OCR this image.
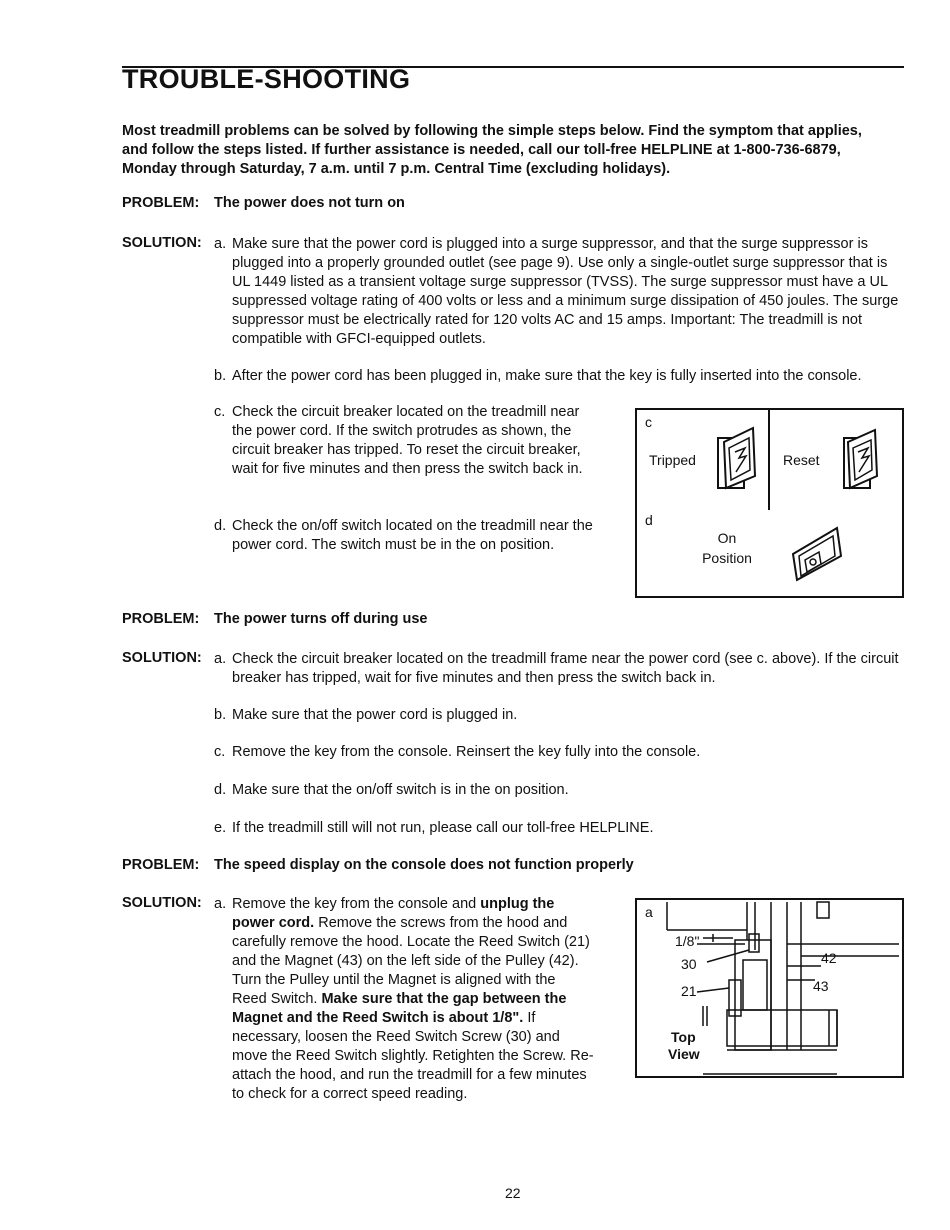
TROUBLE-SHOOTING
Most treadmill problems can be solved by following the simple steps below. Find the symptom that applies, and follow the steps listed. If further assistance is needed, call our toll-free HELPLINE at 1-800-736-6879, Monday through Saturday, 7 a.m. until 7 p.m. Central Time (excluding holidays).
PROBLEM: The power does not turn on
SOLUTION: a. Make sure that the power cord is plugged into a surge suppressor, and that the surge suppressor is plugged into a properly grounded outlet (see page 9). Use only a single-outlet surge suppressor that is UL 1449 listed as a transient voltage surge suppressor (TVSS). The surge suppressor must have a UL suppressed voltage rating of 400 volts or less and a minimum surge dissipation of 450 joules. The surge suppressor must be electrically rated for 120 volts AC and 15 amps. Important: The treadmill is not compatible with GFCI-equipped outlets.
b. After the power cord has been plugged in, make sure that the key is fully inserted into the console.
c. Check the circuit breaker located on the treadmill near the power cord. If the switch protrudes as shown, the circuit breaker has tripped. To reset the circuit breaker, wait for five minutes and then press the switch back in.
d. Check the on/off switch located on the treadmill near the power cord. The switch must be in the on position.
c
Tripped	Reset
d
On
Position
PROBLEM: The power turns off during use
SOLUTION: a. Check the circuit breaker located on the treadmill frame near the power cord (see c. above). If the circuit breaker has tripped, wait for five minutes and then press the switch back in.
b. Make sure that the power cord is plugged in.
c. Remove the key from the console. Reinsert the key fully into the console.
d. Make sure that the on/off switch is in the on position.
e. If the treadmill still will not run, please call our toll-free HELPLINE.
PROBLEM: The speed display on the console does not function properly
SOLUTION: a. Remove the key from the console and unplug the power cord. Remove the screws from the hood and carefully remove the hood. Locate the Reed Switch (21) and the Magnet (43) on the left side of the Pulley (42). Turn the Pulley until the Magnet is aligned with the Reed Switch. Make sure that the gap between the Magnet and the Reed Switch is about 1/8". If necessary, loosen the Reed Switch Screw (30) and move the Reed Switch slightly. Retighten the Screw. Re-attach the hood, and run the treadmill for a few minutes to check for a correct speed reading.
a
1/8"
30
21
42
43
Top
View
22
